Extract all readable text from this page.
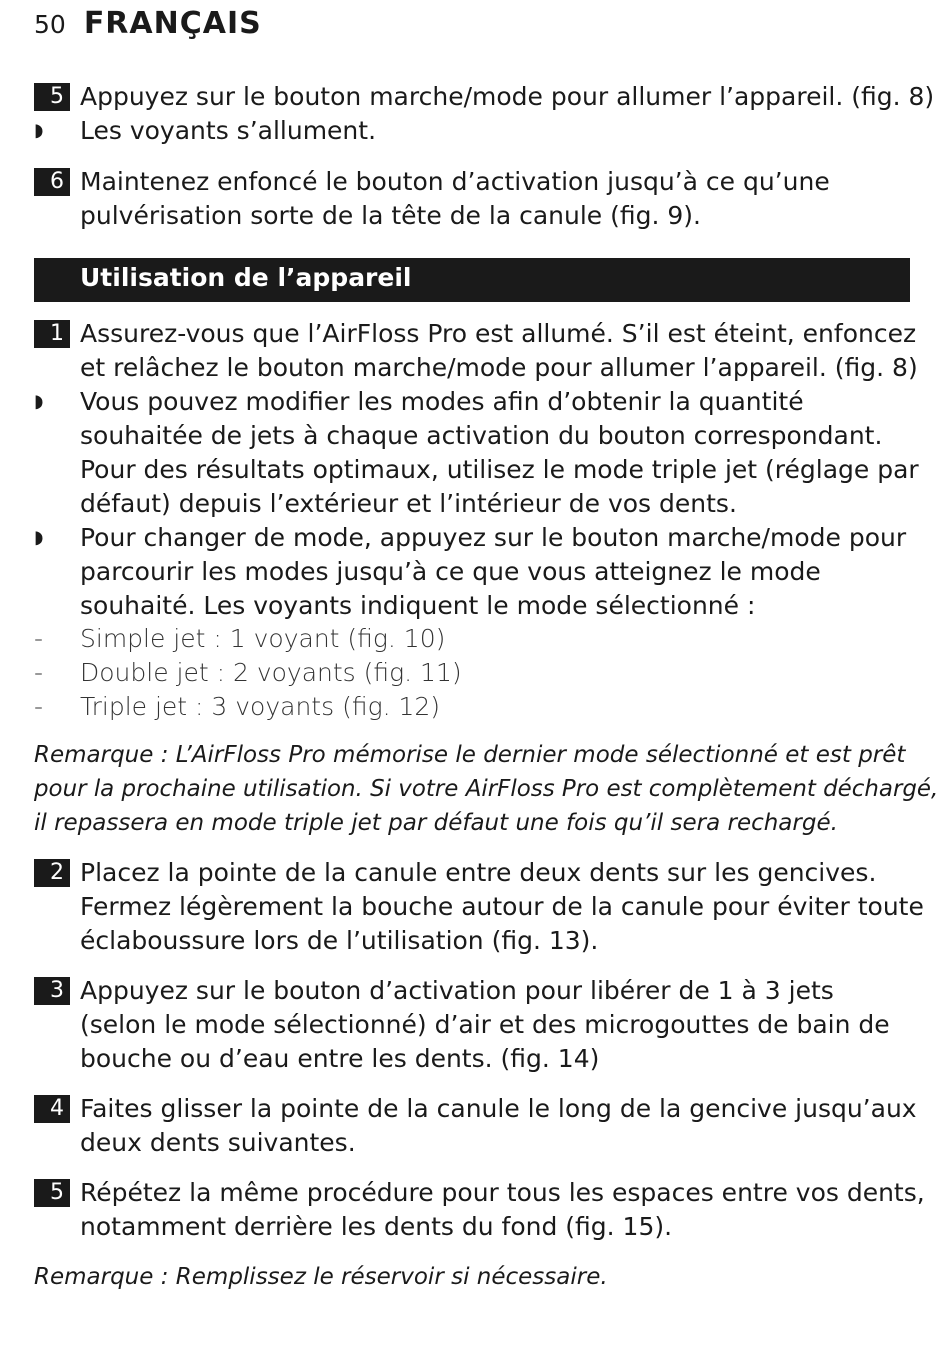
50 FRANÇAIS
5 Appuyez sur le bouton marche/mode pour allumer l’appareil. (fig. 8)
◗ Les voyants s’allument.
6 Maintenez enfoncé le bouton d’activation jusqu’à ce qu’une
pulvérisation sorte de la tête de la canule (fig. 9).
Utilisation de l’appareil
1 Assurez-vous que l’AirFloss Pro est allumé. S’il est éteint, enfoncez
et relâchez le bouton marche/mode pour allumer l’appareil. (fig. 8)
◗ Vous pouvez modifier les modes afin d’obtenir la quantité
souhaitée de jets à chaque activation du bouton correspondant.
Pour des résultats optimaux, utilisez le mode triple jet (réglage par
défaut) depuis l’extérieur et l’intérieur de vos dents.
◗ Pour changer de mode, appuyez sur le bouton marche/mode pour
parcourir les modes jusqu’à ce que vous atteignez le mode
souhaité. Les voyants indiquent le mode sélectionné :
- Simple jet : 1 voyant (fig. 10)
- Double jet : 2 voyants (fig. 11)
- Triple jet : 3 voyants (fig. 12)
Remarque : L’AirFloss Pro mémorise le dernier mode sélectionné et est prêt
pour la prochaine utilisation. Si votre AirFloss Pro est complètement déchargé,
il repassera en mode triple jet par défaut une fois qu’il sera rechargé.
2 Placez la pointe de la canule entre deux dents sur les gencives.
Fermez légèrement la bouche autour de la canule pour éviter toute
éclaboussure lors de l’utilisation (fig. 13).
3 Appuyez sur le bouton d’activation pour libérer de 1 à 3 jets
(selon le mode sélectionné) d’air et des microgouttes de bain de
bouche ou d’eau entre les dents. (fig. 14)
4 Faites glisser la pointe de la canule le long de la gencive jusqu’aux
deux dents suivantes.
5 Répétez la même procédure pour tous les espaces entre vos dents,
notamment derrière les dents du fond (fig. 15).
Remarque : Remplissez le réservoir si nécessaire.
